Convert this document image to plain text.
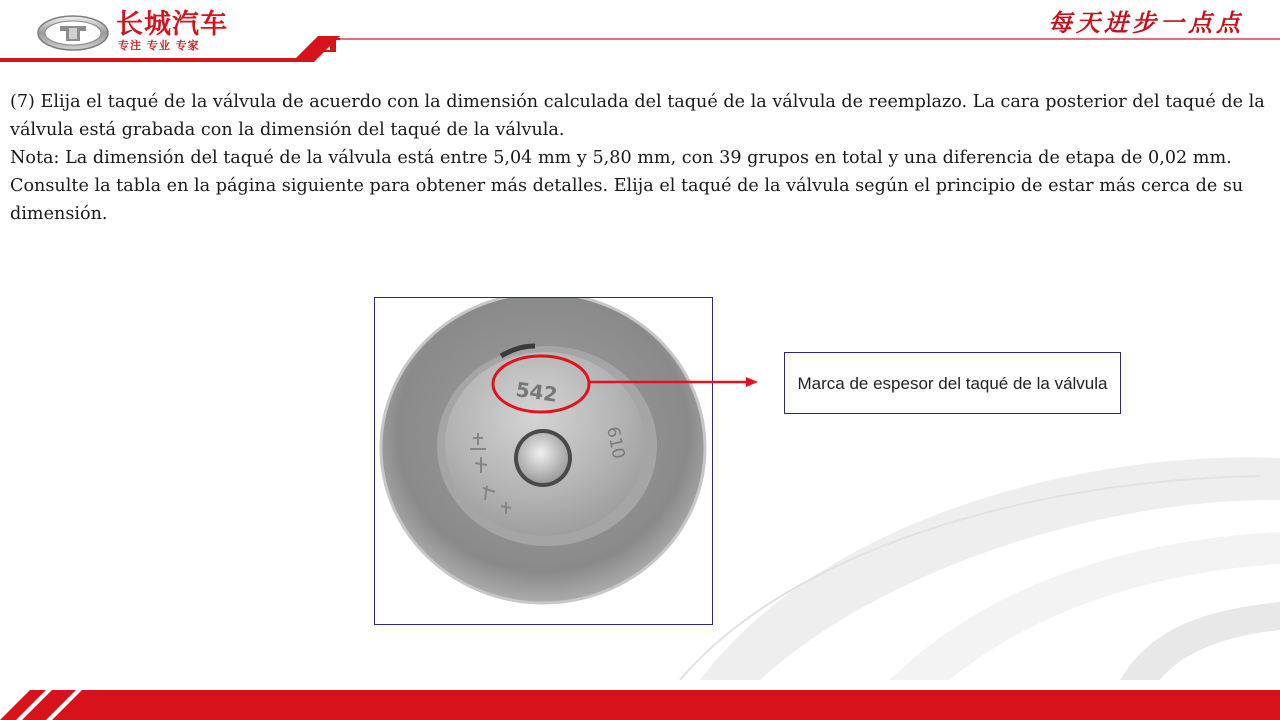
长城汽车
专注 专业 专家
每天进步一点点

(7) Elija el taqué de la válvula de acuerdo con la dimensión calculada del taqué de la válvula de reemplazo. La cara posterior del taqué de la válvula está grabada con la dimensión del taqué de la válvula.

Nota: La dimensión del taqué de la válvula está entre 5,04 mm y 5,80 mm, con 39 grupos en total y una diferencia de etapa de 0,02 mm. Consulte la tabla en la página siguiente para obtener más detalles. Elija el taqué de la válvula según el principio de estar más cerca de su dimensión.

542
610
Marca de espesor del taqué de la válvula
